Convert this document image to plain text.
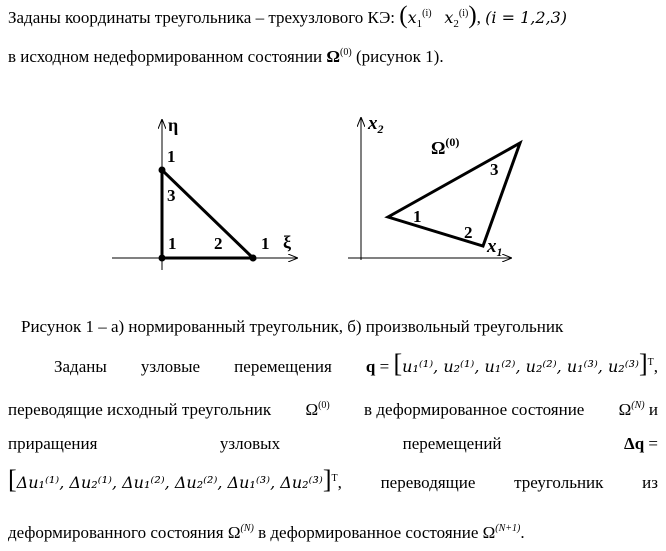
Заданы координаты треугольника – трехузлового КЭ: ($x_1^{(i)}$ $x_2^{(i)}$), (i = 1,2,3)
в исходном недеформированном состоянии $\Omega^{(0)}$ (рисунок 1).
η
ξ
1
3
1 2 1
$x_2$
$x_1$
$\Omega^{(0)}$
1
2
3
Рисунок 1 – а) нормированный треугольник, б) произвольный треугольник
Заданы узловые перемещения q = [u₁⁽¹⁾, u₂⁽¹⁾, u₁⁽²⁾, u₂⁽²⁾, u₁⁽³⁾, u₂⁽³⁾]$^T$,
переводящие исходный треугольник $\Omega^{(0)}$ в деформированное состояние $\Omega^{(N)}$ и
приращения	узловых	перемещений	Δq =
[Δu₁⁽¹⁾, Δu₂⁽¹⁾, Δu₁⁽²⁾, Δu₂⁽²⁾, Δu₁⁽³⁾, Δu₂⁽³⁾]$^T$, переводящие треугольник из
деформированного состояния $\Omega^{(N)}$ в деформированное состояние $\Omega^{(N+1)}$.
